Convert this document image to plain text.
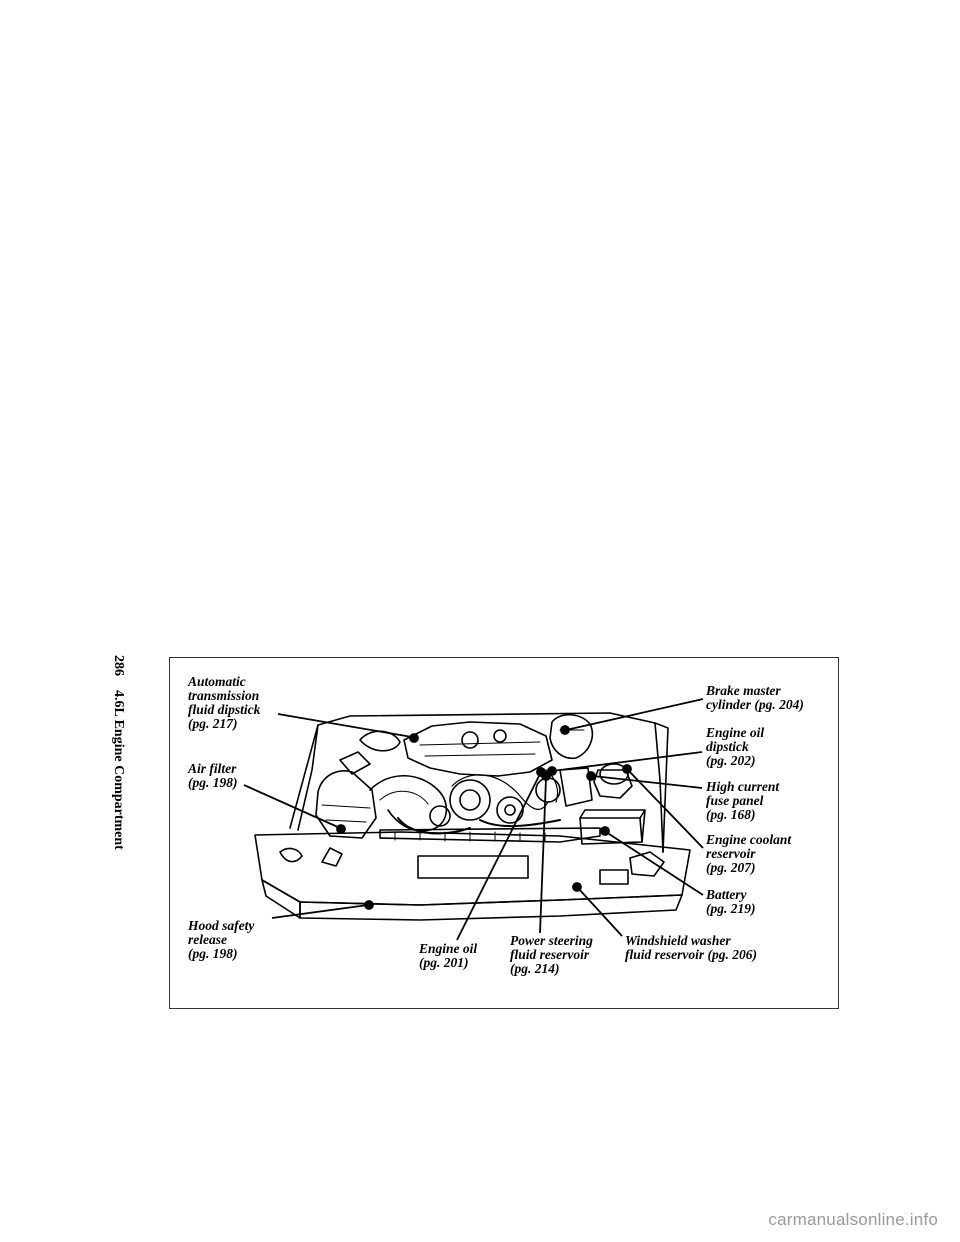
2864.6L Engine Compartment
Automatic
transmission
fluid dipstick
(pg. 217)
Air filter
(pg. 198)
Hood safety
release
(pg. 198)	Engine oil
(pg. 201)
Power steering
fluid reservoir
(pg. 214)
Windshield washer
fluid reservoir (pg. 206)
Battery
(pg. 219)
Engine coolant
reservoir
(pg. 207)
High current
fuse panel
(pg. 168)
Engine oil
dipstick
(pg. 202)
Brake master
cylinder (pg. 204)
carmanualsonline.info
